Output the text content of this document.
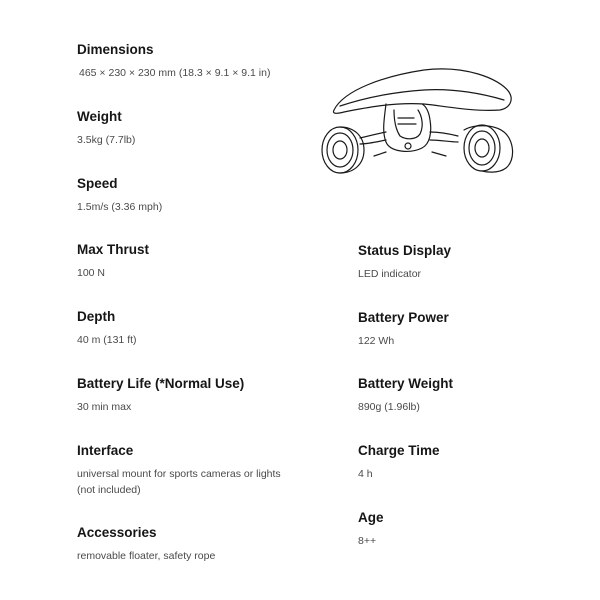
Dimensions
465 × 230 × 230 mm (18.3 × 9.1 × 9.1 in)
Weight
3.5kg (7.7lb)
Speed
1.5m/s (3.36 mph)
Max Thrust
100 N
Depth
40 m (131 ft)
Battery Life (*Normal Use)
30 min max
Interface
universal mount for sports cameras or lights (not included)
Accessories
removable floater, safety rope
Status Display
LED indicator
Battery Power
122 Wh
Battery Weight
890g (1.96lb)
Charge Time
4 h
Age
8++
